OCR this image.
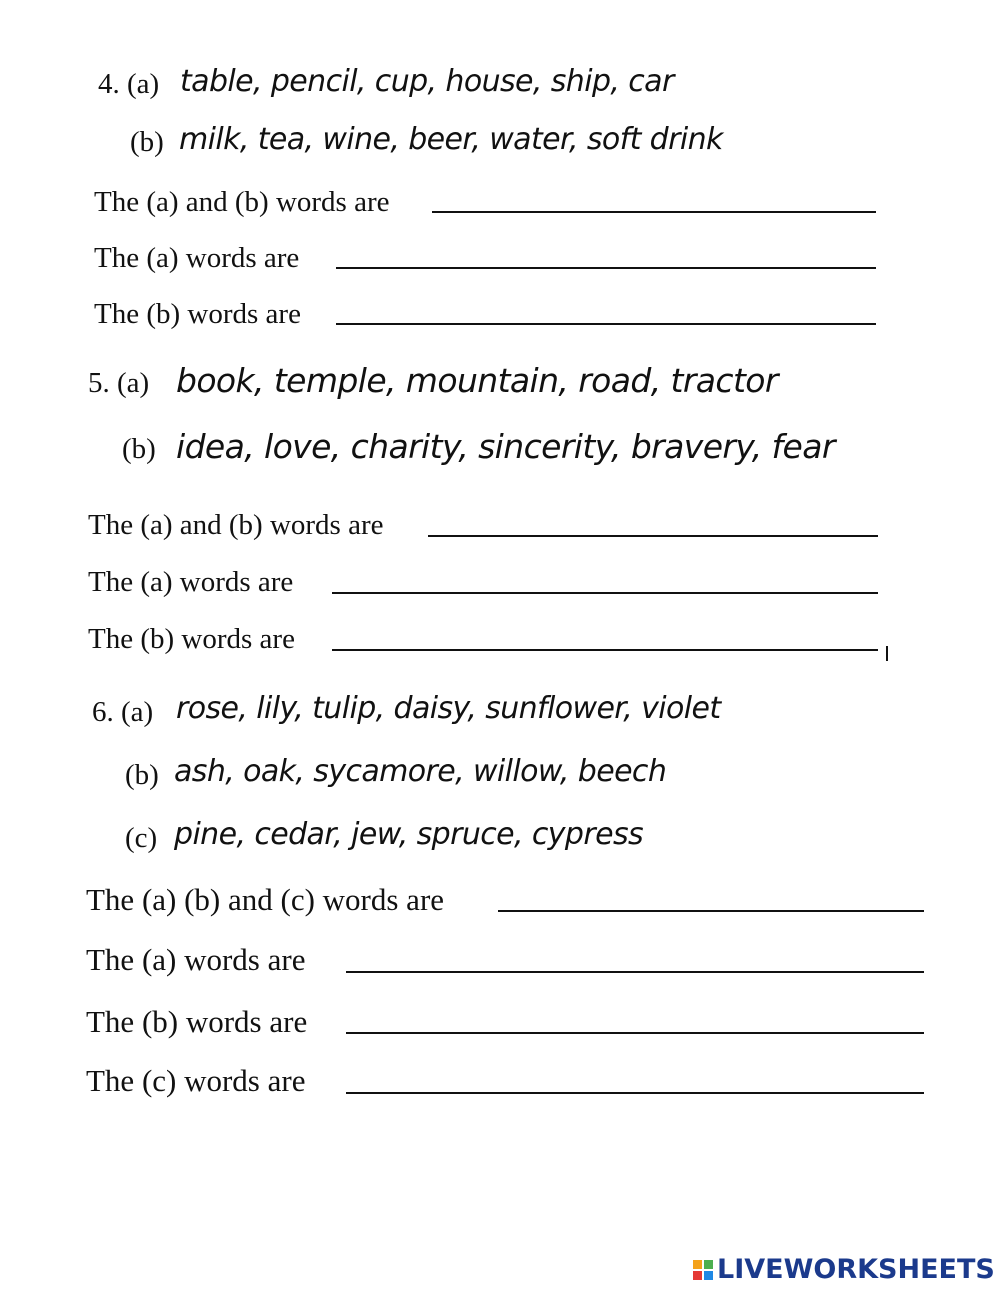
4. (a) table, pencil, cup, house, ship, car
(b) milk, tea, wine, beer, water, soft drink
The (a) and (b) words are
The (a) words are
The (b) words are
5. (a) book, temple, mountain, road, tractor
(b) idea, love, charity, sincerity, bravery, fear
The (a) and (b) words are
The (a) words are
The (b) words are
6. (a) rose, lily, tulip, daisy, sunflower, violet
(b) ash, oak, sycamore, willow, beech
(c) pine, cedar, jew, spruce, cypress
The (a) (b) and (c) words are
The (a) words are
The (b) words are
The (c) words are
LIVEWORKSHEETS
